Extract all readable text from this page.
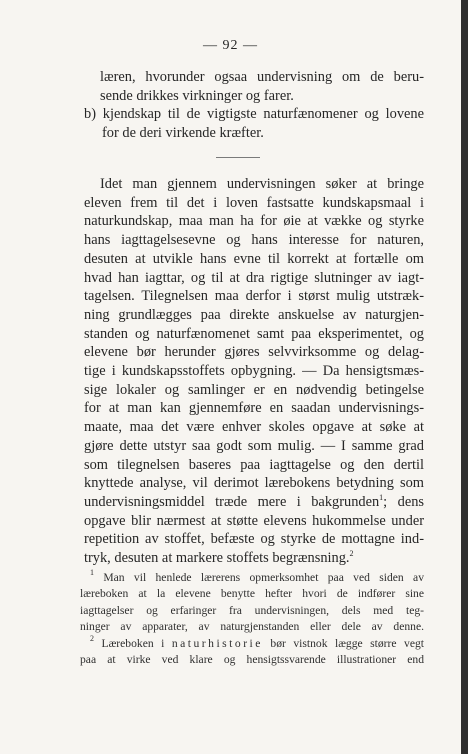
— 92 —
læren, hvorunder ogsaa undervisning om de beru-
sende drikkes virkninger og farer.
b) kjendskap til de vigtigste naturfænomener og lovene
for de deri virkende kræfter.
Idet man gjennem undervisningen søker at bringe
eleven frem til det i loven fastsatte kundskapsmaal i
naturkundskap, maa man ha for øie at vække og styrke
hans iagttagelsesevne og hans interesse for naturen,
desuten at utvikle hans evne til korrekt at fortælle om
hvad han iagttar, og til at dra rigtige slutninger av iagt-
tagelsen. Tilegnelsen maa derfor i størst mulig utstræk-
ning grundlægges paa direkte anskuelse av naturgjen-
standen og naturfænomenet samt paa eksperimentet, og
elevene bør herunder gjøres selvvirksomme og delag-
tige i kundskapsstoffets opbygning. — Da hensigtsmæs-
sige lokaler og samlinger er en nødvendig betingelse
for at man kan gjennemføre en saadan undervisnings-
maate, maa det være enhver skoles opgave at søke at
gjøre dette utstyr saa godt som mulig. — I samme grad
som tilegnelsen baseres paa iagttagelse og den dertil
knyttede analyse, vil derimot lærebokens betydning som
undervisningsmiddel træde mere i bakgrunden$^1$; dens
opgave blir nærmest at støtte elevens hukommelse under
repetition av stoffet, befæste og styrke de mottagne ind-
tryk, desuten at markere stoffets begrænsning.$^2$
$^1$ Man vil henlede lærerens opmerksomhet paa ved siden av
læreboken at la elevene benytte hefter hvori de indfører sine
iagttagelser og erfaringer fra undervisningen, dels med teg-
ninger av apparater, av naturgjenstanden eller dele av denne.
$^2$ Læreboken i naturhistorie bør vistnok lægge større vegt
paa at virke ved klare og hensigtssvarende illustrationer end
